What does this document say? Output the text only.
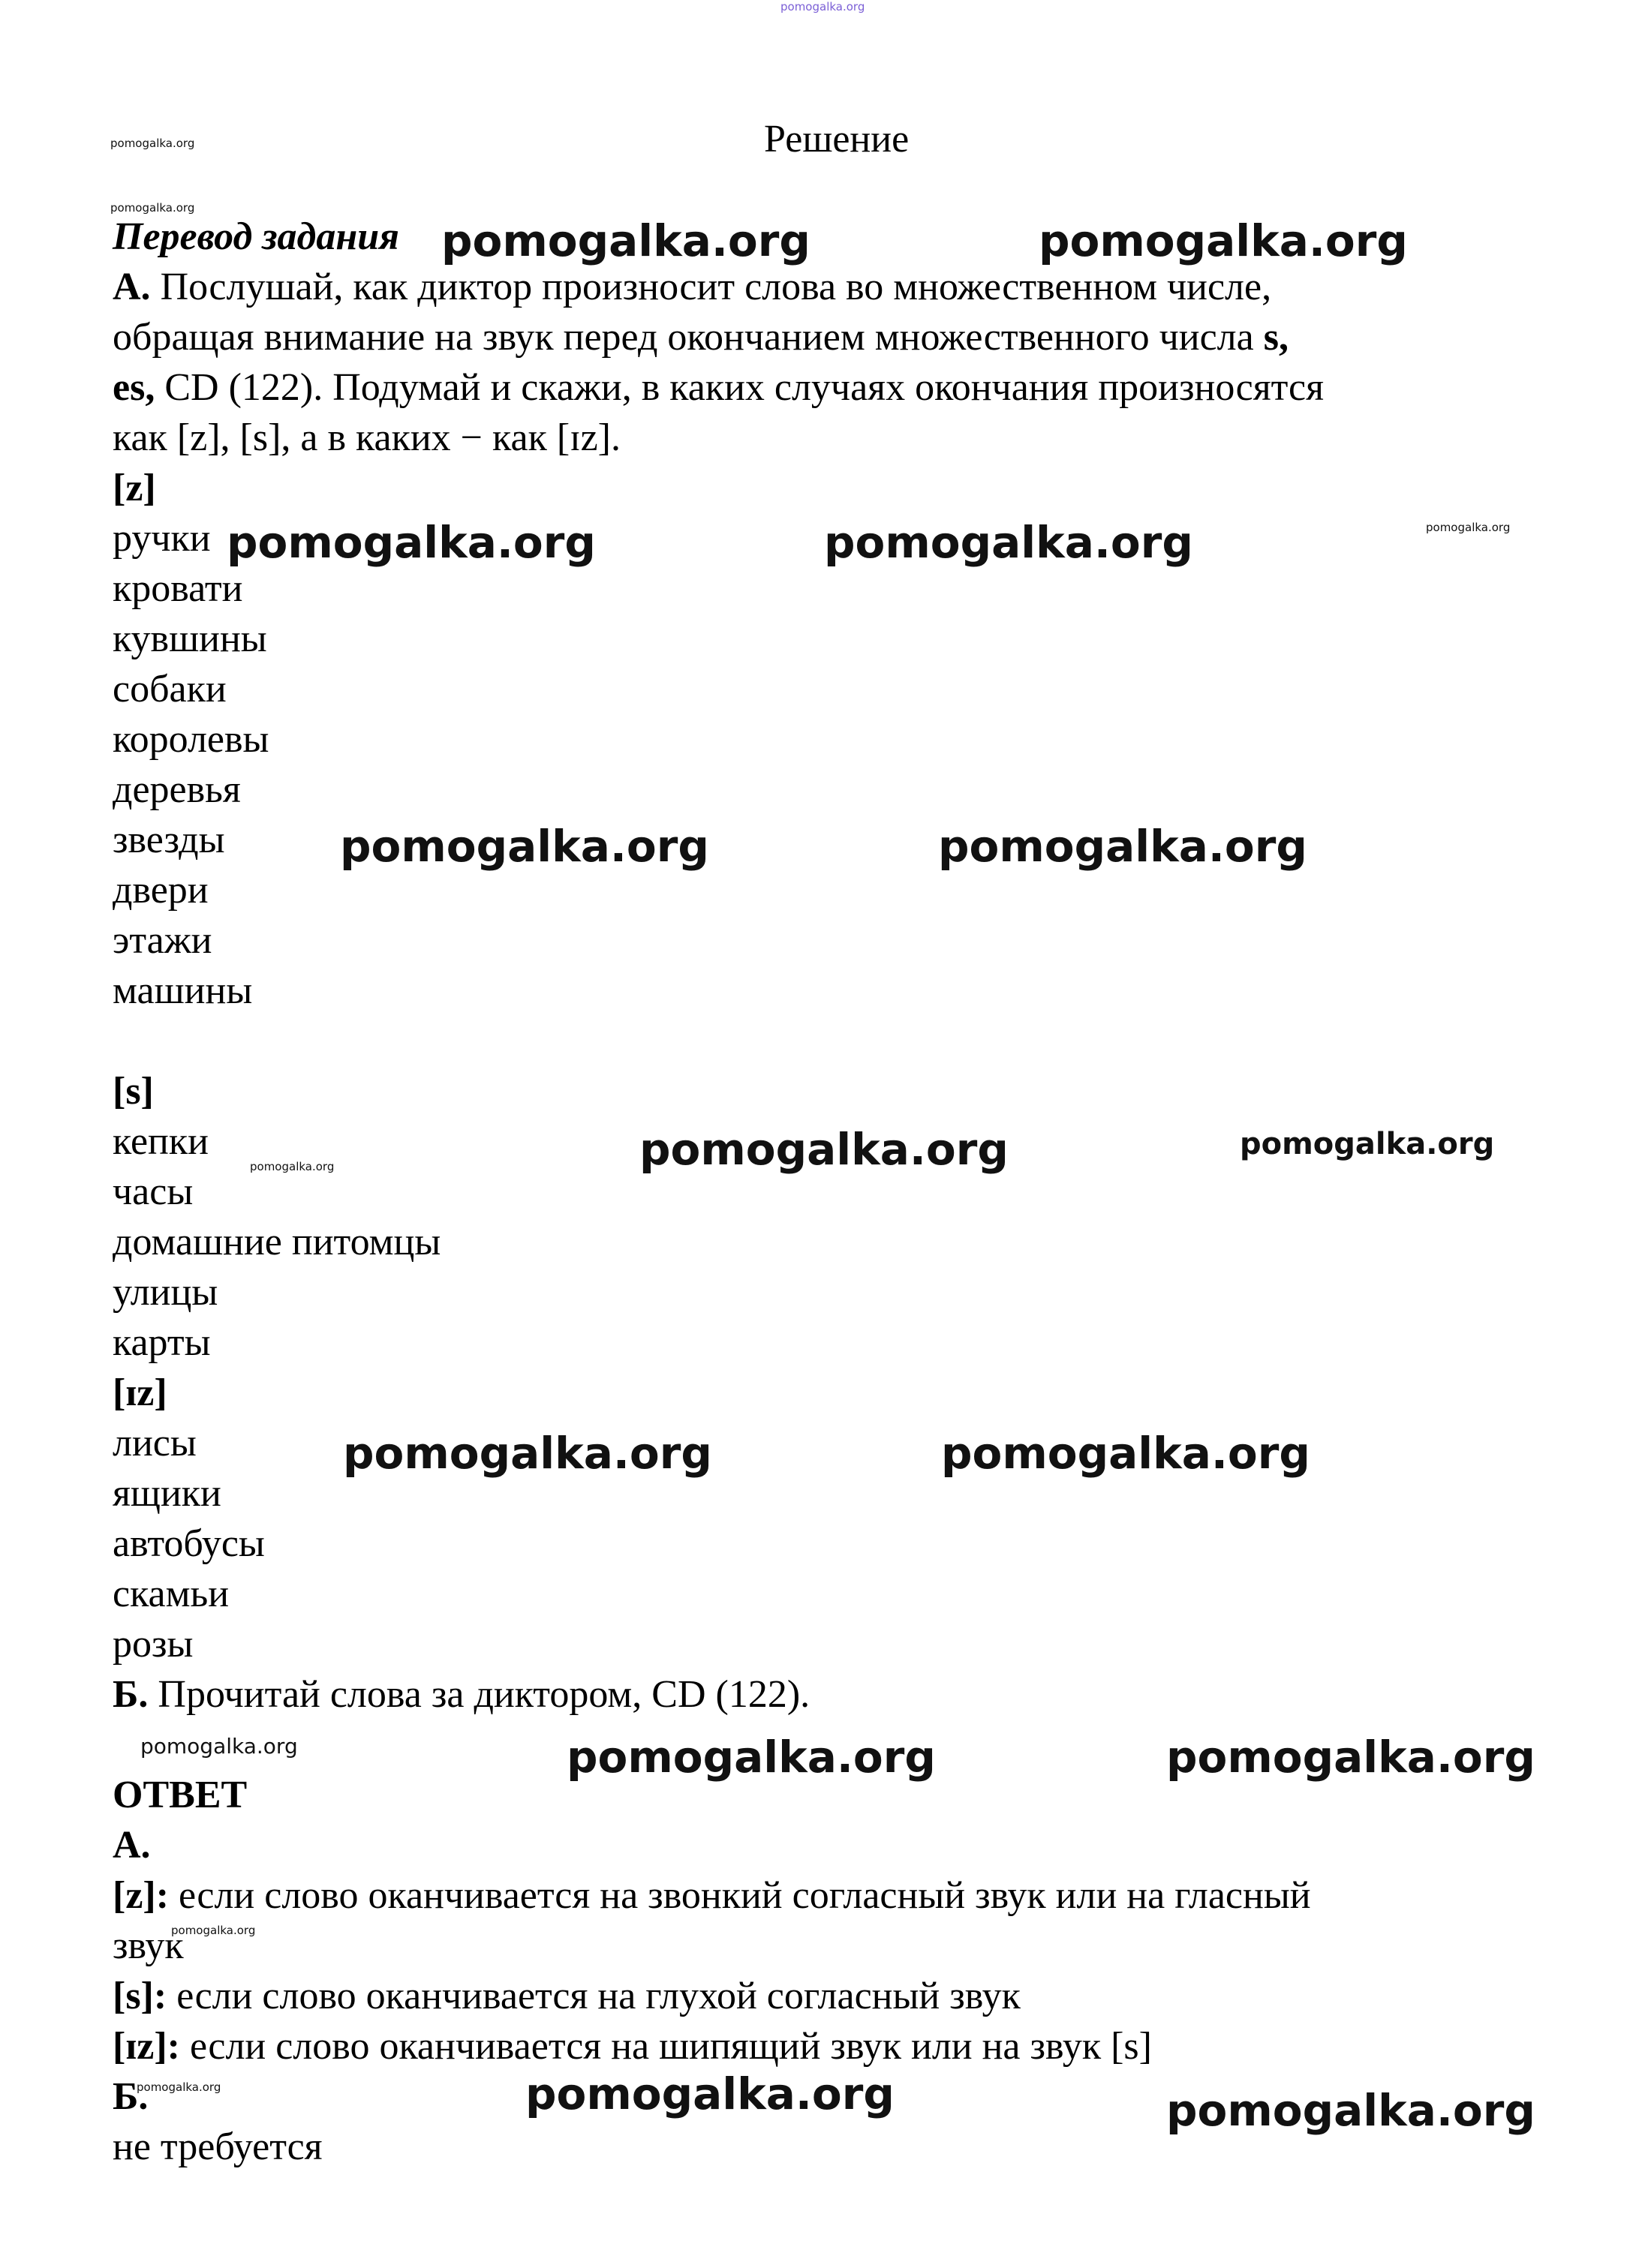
pomogalka.org
pomogalka.org
pomogalka.org
pomogalka.org	pomogalka.org
pomogalka.org
pomogalka.org	pomogalka.org
pomogalka.org	pomogalka.org
pomogalka.org	pomogalka.org
pomogalka.org
pomogalka.org	pomogalka.org
pomogalka.org	pomogalka.org	pomogalka.org
pomogalka.org
pomogalka.org	pomogalka.org	pomogalka.org
Решение
Перевод задания
А. Послушай, как диктор произносит слова во множественном числе,
обращая внимание на звук перед окончанием множественного числа s,
es, CD (122). Подумай и скажи, в каких случаях окончания произносятся
как [z], [s], а в каких − как [ɪz].
[z]
ручки
кровати
кувшины
собаки
королевы
деревья
звезды
двери
этажи
машины
[s]
кепки
часы
домашние питомцы
улицы
карты
[ɪz]
лисы
ящики
автобусы
скамьи
розы
Б. Прочитай слова за диктором, CD (122).
ОТВЕТ
А.
[z]: если слово оканчивается на звонкий согласный звук или на гласный
звук
[s]: если слово оканчивается на глухой согласный звук
[ɪz]: если слово оканчивается на шипящий звук или на звук [s]
Б.
не требуется
